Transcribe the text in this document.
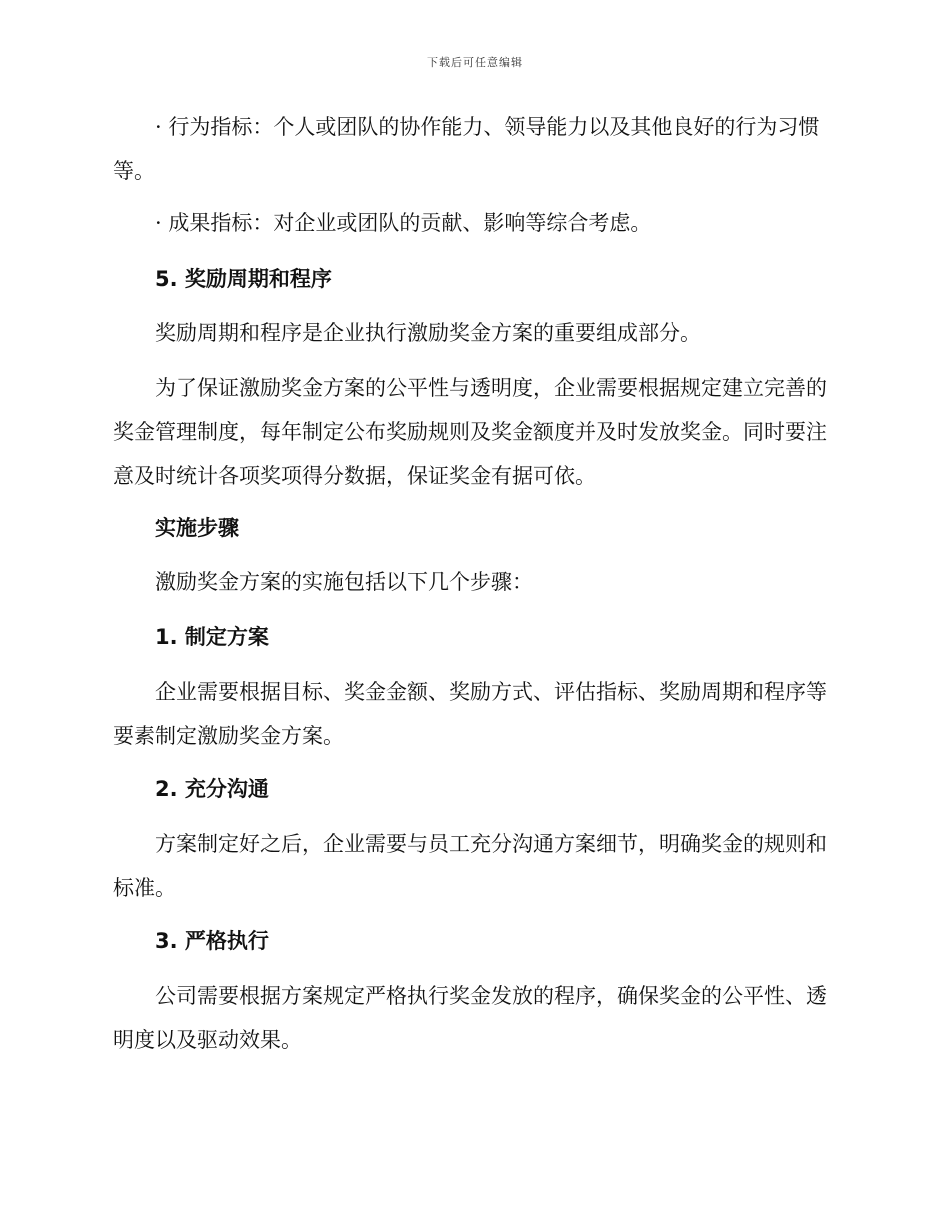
下载后可任意编辑

· 行为指标：个人或团队的协作能力、领导能力以及其他良好的行为习惯等。

· 成果指标：对企业或团队的贡献、影响等综合考虑。

5. 奖励周期和程序

奖励周期和程序是企业执行激励奖金方案的重要组成部分。

为了保证激励奖金方案的公平性与透明度，企业需要根据规定建立完善的奖金管理制度，每年制定公布奖励规则及奖金额度并及时发放奖金。同时要注意及时统计各项奖项得分数据，保证奖金有据可依。

实施步骤

激励奖金方案的实施包括以下几个步骤：

1. 制定方案

企业需要根据目标、奖金金额、奖励方式、评估指标、奖励周期和程序等要素制定激励奖金方案。

2. 充分沟通

方案制定好之后，企业需要与员工充分沟通方案细节，明确奖金的规则和标准。

3. 严格执行

公司需要根据方案规定严格执行奖金发放的程序，确保奖金的公平性、透明度以及驱动效果。
